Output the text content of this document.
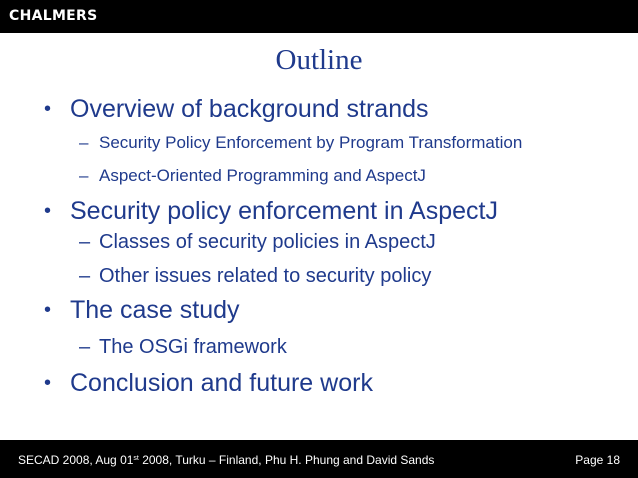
CHALMERS
Outline
• Overview of background strands
– Security Policy Enforcement by Program Transformation
– Aspect-Oriented Programming and AspectJ
• Security policy enforcement in AspectJ
– Classes of security policies in AspectJ
– Other issues related to security policy
• The case study
– The OSGi framework
• Conclusion and future work
SECAD 2008, Aug 01st 2008, Turku – Finland, Phu H. Phung and David Sands	Page 18
